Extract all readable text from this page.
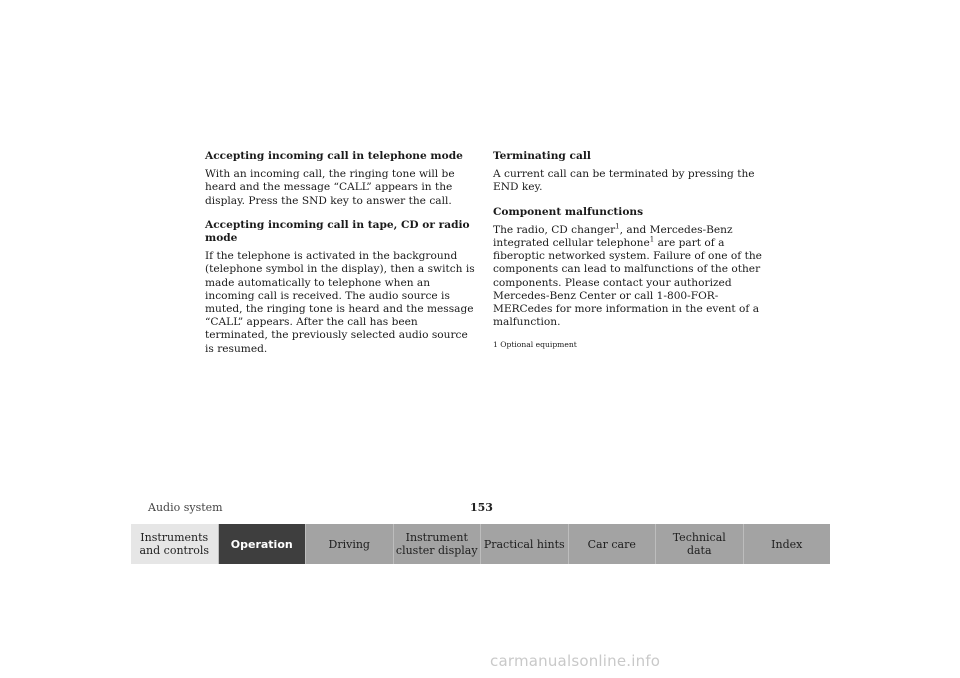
Accepting incoming call in telephone mode

With an incoming call, the ringing tone will be heard and the message “CALL” appears in the display. Press the SND key to answer the call.

Accepting incoming call in tape, CD or radio mode

If the telephone is activated in the background (telephone symbol in the display), then a switch is made automatically to telephone when an incoming call is received. The audio source is muted, the ringing tone is heard and the message “CALL” appears. After the call has been terminated, the previously selected audio source is resumed.

Terminating call

A current call can be terminated by pressing the END key.

Component malfunctions

The radio, CD changer$^1$, and Mercedes-Benz integrated cellular telephone$^1$ are part of a fiberoptic networked system. Failure of one of the components can lead to malfunctions of the other components. Please contact your authorized Mercedes-Benz Center or call 1-800-FOR-MERCedes for more information in the event of a malfunction.

1 Optional equipment
Audio system	153
Instruments
and controls	Operation	Driving	Instrument
cluster display Practical hints	Car care	Technical
data	Index
carmanualsonline.info
